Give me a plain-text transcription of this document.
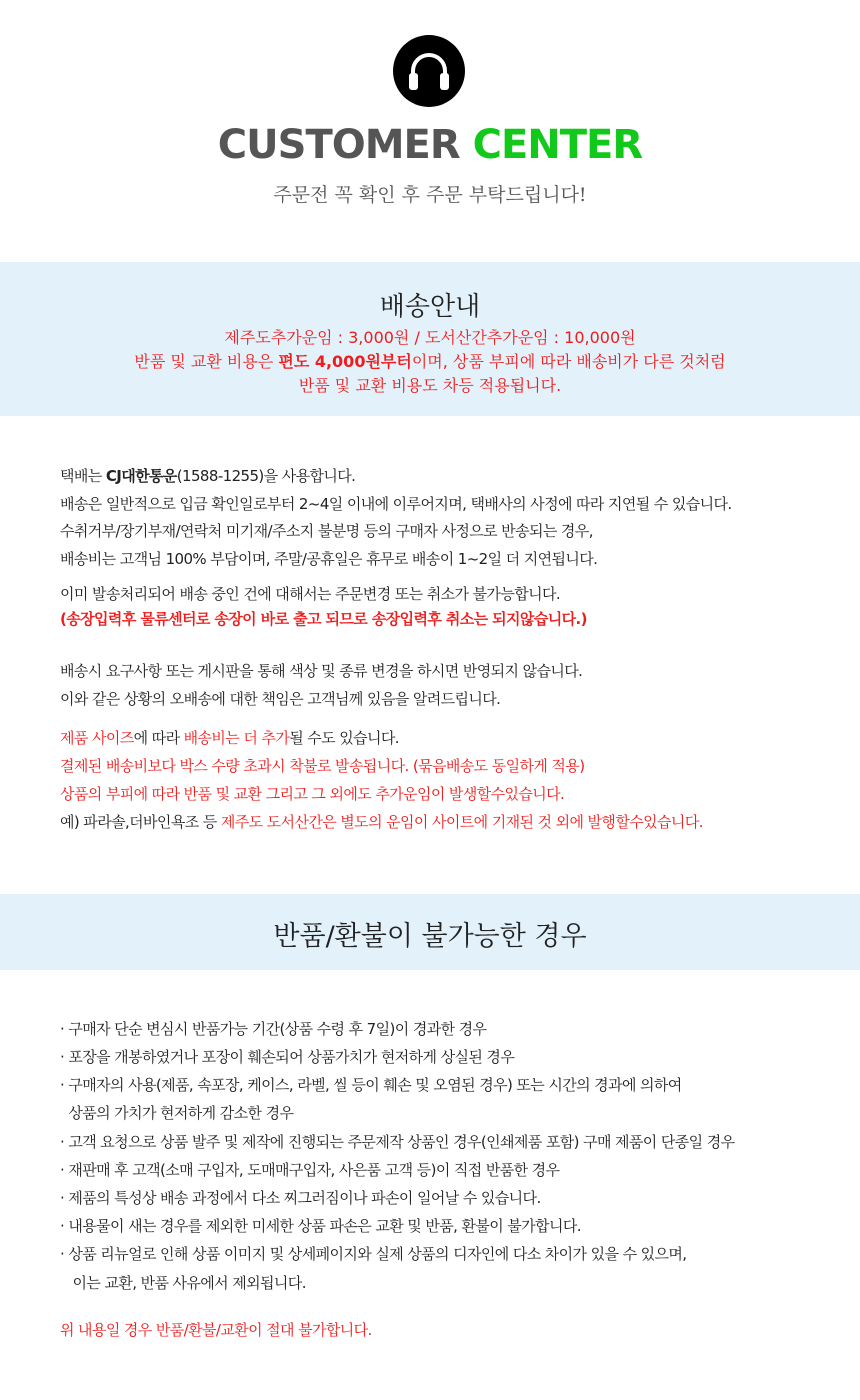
CUSTOMER CENTER
주문전 꼭 확인 후 주문 부탁드립니다!
배송안내
제주도추가운임 : 3,000원 / 도서산간추가운임 : 10,000원
반품 및 교환 비용은 편도 4,000원부터이며, 상품 부피에 따라 배송비가 다른 것처럼
반품 및 교환 비용도 차등 적용됩니다.
택배는 CJ대한통운(1588-1255)을 사용합니다.
배송은 일반적으로 입금 확인일로부터 2~4일 이내에 이루어지며, 택배사의 사정에 따라 지연될 수 있습니다.
수취거부/장기부재/연락처 미기재/주소지 불분명 등의 구매자 사정으로 반송되는 경우,
배송비는 고객님 100% 부담이며, 주말/공휴일은 휴무로 배송이 1~2일 더 지연됩니다.
이미 발송처리되어 배송 중인 건에 대해서는 주문변경 또는 취소가 불가능합니다.
(송장입력후 물류센터로 송장이 바로 출고 되므로 송장입력후 취소는 되지않습니다.)
배송시 요구사항 또는 게시판을 통해 색상 및 종류 변경을 하시면 반영되지 않습니다.
이와 같은 상황의 오배송에 대한 책임은 고객님께 있음을 알려드립니다.
제품 사이즈에 따라 배송비는 더 추가될 수도 있습니다.
결제된 배송비보다 박스 수량 초과시 착불로 발송됩니다. (묶음배송도 동일하게 적용)
상품의 부피에 따라 반품 및 교환 그리고 그 외에도 추가운임이 발생할수있습니다.
예) 파라솔,더바인욕조 등 제주도 도서산간은 별도의 운임이 사이트에 기재된 것 외에 발행할수있습니다.
반품/환불이 불가능한 경우
· 구매자 단순 변심시 반품가능 기간(상품 수령 후 7일)이 경과한 경우
· 포장을 개봉하였거나 포장이 훼손되어 상품가치가 현저하게 상실된 경우
· 구매자의 사용(제품, 속포장, 케이스, 라벨, 씰 등이 훼손 및 오염된 경우) 또는 시간의 경과에 의하여
상품의 가치가 현저하게 감소한 경우
· 고객 요청으로 상품 발주 및 제작에 진행되는 주문제작 상품인 경우(인쇄제품 포함) 구매 제품이 단종일 경우
· 재판매 후 고객(소매 구입자, 도매매구입자, 사은품 고객 등)이 직접 반품한 경우
· 제품의 특성상 배송 과정에서 다소 찌그러짐이나 파손이 일어날 수 있습니다.
· 내용물이 새는 경우를 제외한 미세한 상품 파손은 교환 및 반품, 환불이 불가합니다.
· 상품 리뉴얼로 인해 상품 이미지 및 상세페이지와 실제 상품의 디자인에 다소 차이가 있을 수 있으며,
이는 교환, 반품 사유에서 제외됩니다.
위 내용일 경우 반품/환불/교환이 절대 불가합니다.
